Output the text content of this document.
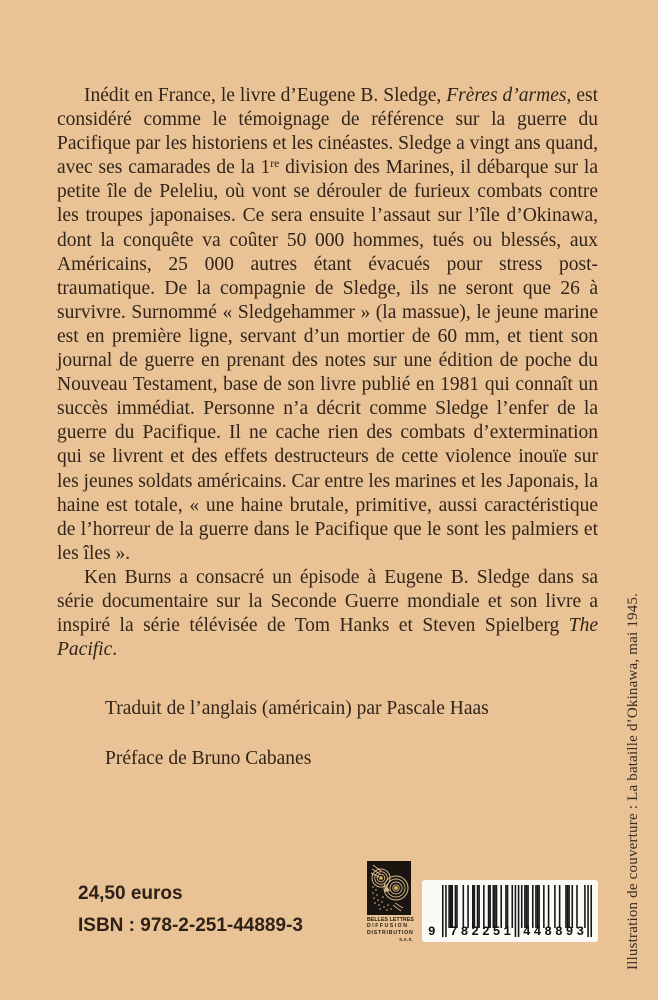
Inédit en France, le livre d’Eugene B. Sledge, Frères d’armes, est considéré comme le témoignage de référence sur la guerre du Pacifique par les historiens et les cinéastes. Sledge a vingt ans quand, avec ses camarades de la 1re division des Marines, il débarque sur la petite île de Peleliu, où vont se dérouler de furieux combats contre les troupes japonaises. Ce sera ensuite l’assaut sur l’île d’Okinawa, dont la conquête va coûter 50 000 hommes, tués ou blessés, aux Américains, 25 000 autres étant évacués pour stress post-traumatique. De la compagnie de Sledge, ils ne seront que 26 à survivre. Surnommé « Sledgehammer » (la massue), le jeune marine est en première ligne, servant d’un mortier de 60 mm, et tient son journal de guerre en prenant des notes sur une édition de poche du Nouveau Testament, base de son livre publié en 1981 qui connaît un succès immédiat. Personne n’a décrit comme Sledge l’enfer de la guerre du Pacifique. Il ne cache rien des combats d’extermination qui se livrent et des effets destructeurs de cette violence inouïe sur les jeunes soldats américains. Car entre les marines et les Japonais, la haine est totale, « une haine brutale, primitive, aussi caractéristique de l’horreur de la guerre dans le Pacifique que le sont les palmiers et les îles ».

Ken Burns a consacré un épisode à Eugene B. Sledge dans sa série documentaire sur la Seconde Guerre mondiale et son livre a inspiré la série télévisée de Tom Hanks et Steven Spielberg The Pacific.

Traduit de l’anglais (américain) par Pascale Haas

Préface de Bruno Cabanes

24,50 euros
ISBN : 978-2-251-44889-3	BELLES LETTRES
DIFFUSION
DISTRIBUTION
S.A.S.
9 782251 448893	Illustration de couverture : La bataille d’Okinawa, mai 1945.
